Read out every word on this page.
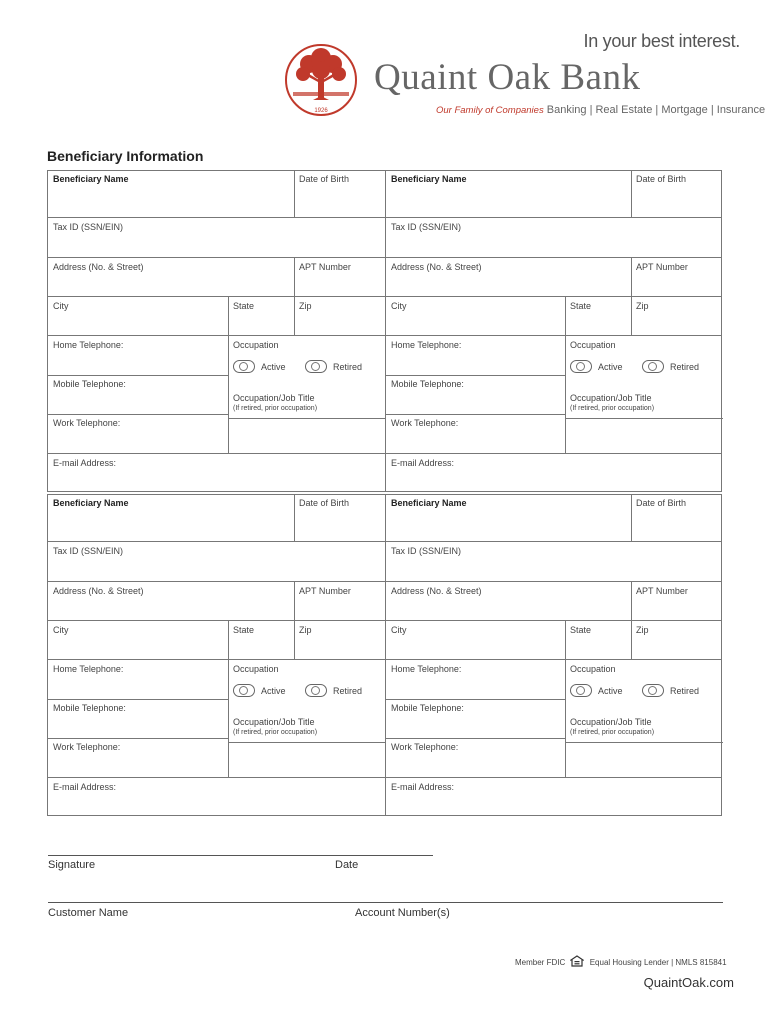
In your best interest.
1926
Quaint Oak Bank
Our Family of Companies Banking | Real Estate | Mortgage | Insurance
Beneficiary Information
Beneficiary Name	Date of Birth
Tax ID (SSN/EIN)
Address (No. & Street)	APT Number
City	State	Zip
Home Telephone:
Mobile Telephone:
Work Telephone:
Occupation
Active	Retired
Occupation/Job Title
(If retired, prior occupation)
E-mail Address:
Beneficiary Name	Date of Birth
Tax ID (SSN/EIN)
Address (No. & Street)	APT Number
City	State	Zip
Home Telephone:
Mobile Telephone:
Work Telephone:
Occupation
Active	Retired
Occupation/Job Title
(If retired, prior occupation)
E-mail Address:
Beneficiary Name	Date of Birth
Tax ID (SSN/EIN)
Address (No. & Street)	APT Number
City	State	Zip
Home Telephone:
Mobile Telephone:
Work Telephone:
Occupation
Active	Retired
Occupation/Job Title
(If retired, prior occupation)
E-mail Address:
Beneficiary Name	Date of Birth
Tax ID (SSN/EIN)
Address (No. & Street)	APT Number
City	State	Zip
Home Telephone:
Mobile Telephone:
Work Telephone:
Occupation
Active	Retired
Occupation/Job Title
(If retired, prior occupation)
E-mail Address:
Signature	Date
Customer Name	Account Number(s)
Member FDIC	Equal Housing Lender | NMLS 815841
QuaintOak.com
